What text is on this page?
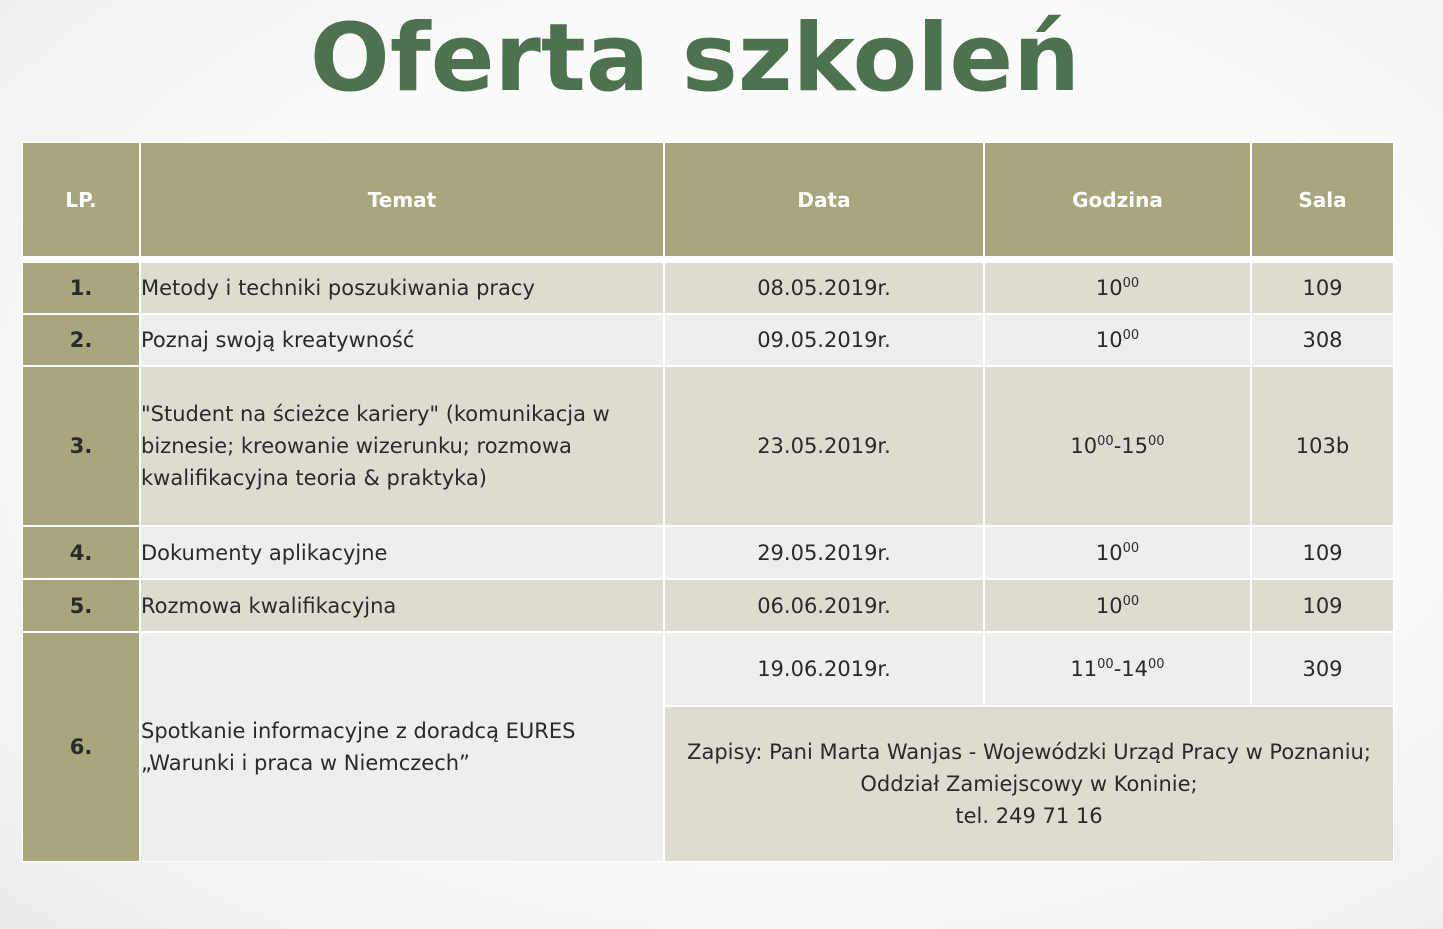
Oferta szkoleń
LP.	Temat	Data	Godzina	Sala

1.	Metody i techniki poszukiwania pracy	08.05.2019r.	$10^{00}$	109
2.	Poznaj swoją kreatywność	09.05.2019r.	$10^{00}$	308
3.	"Student na ścieżce kariery" (komunikacja w
biznesie; kreowanie wizerunku; rozmowa
kwalifikacyjna teoria & praktyka)	23.05.2019r.	$10^{00}-15^{00}$	103b
4.	Dokumenty aplikacyjne	29.05.2019r.	$10^{00}$	109
5.	Rozmowa kwalifikacyjna	06.06.2019r.	$10^{00}$	109
6.	Spotkanie informacyjne z doradcą EURES
„Warunki i praca w Niemczech”	19.06.2019r.	$11^{00}-14^{00}$	309

		Zapisy: Pani Marta Wanjas - Wojewódzki Urząd Pracy w Poznaniu;
Oddział Zamiejscowy w Koninie;
tel. 249 71 16		
